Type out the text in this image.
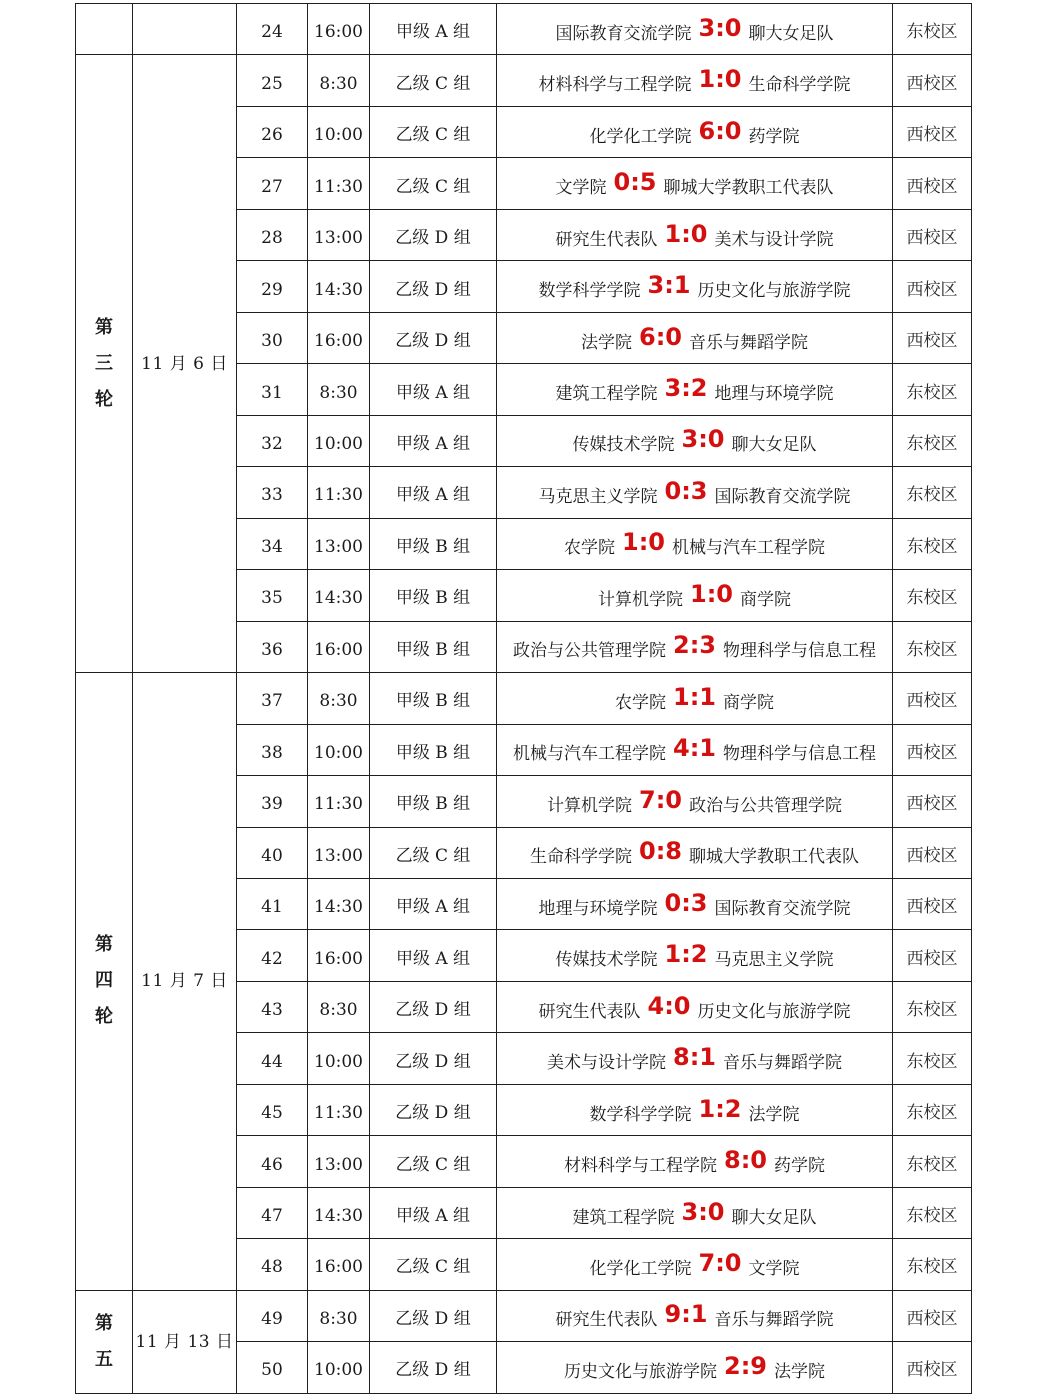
		24	16:00	甲级 A 组	国际教育交流学院 3:0 聊大女足队	东校区
第三轮	11 月 6 日	25	8:30	乙级 C 组	材料科学与工程学院 1:0 生命科学学院	西校区
		26	10:00	乙级 C 组	化学化工学院 6:0 药学院	西校区
		27	11:30	乙级 C 组	文学院 0:5 聊城大学教职工代表队	西校区
		28	13:00	乙级 D 组	研究生代表队 1:0 美术与设计学院	西校区
		29	14:30	乙级 D 组	数学科学学院 3:1 历史文化与旅游学院	西校区
		30	16:00	乙级 D 组	法学院 6:0 音乐与舞蹈学院	西校区
		31	8:30	甲级 A 组	建筑工程学院 3:2 地理与环境学院	东校区
		32	10:00	甲级 A 组	传媒技术学院 3:0 聊大女足队	东校区
		33	11:30	甲级 A 组	马克思主义学院 0:3 国际教育交流学院	东校区
		34	13:00	甲级 B 组	农学院 1:0 机械与汽车工程学院	东校区
		35	14:30	甲级 B 组	计算机学院 1:0 商学院	东校区
		36	16:00	甲级 B 组	政治与公共管理学院 2:3 物理科学与信息工程	东校区
第四轮	11 月 7 日	37	8:30	甲级 B 组	农学院 1:1 商学院	西校区
		38	10:00	甲级 B 组	机械与汽车工程学院 4:1 物理科学与信息工程	西校区
		39	11:30	甲级 B 组	计算机学院 7:0 政治与公共管理学院	西校区
		40	13:00	乙级 C 组	生命科学学院 0:8 聊城大学教职工代表队	西校区
		41	14:30	甲级 A 组	地理与环境学院 0:3 国际教育交流学院	西校区
		42	16:00	甲级 A 组	传媒技术学院 1:2 马克思主义学院	西校区
		43	8:30	乙级 D 组	研究生代表队 4:0 历史文化与旅游学院	东校区
		44	10:00	乙级 D 组	美术与设计学院 8:1 音乐与舞蹈学院	东校区
		45	11:30	乙级 D 组	数学科学学院 1:2 法学院	东校区
		46	13:00	乙级 C 组	材料科学与工程学院 8:0 药学院	东校区
		47	14:30	甲级 A 组	建筑工程学院 3:0 聊大女足队	东校区
		48	16:00	乙级 C 组	化学化工学院 7:0 文学院	东校区
第五	11 月 13 日	49	8:30	乙级 D 组	研究生代表队 9:1 音乐与舞蹈学院	西校区
		50	10:00	乙级 D 组	历史文化与旅游学院 2:9 法学院	西校区
